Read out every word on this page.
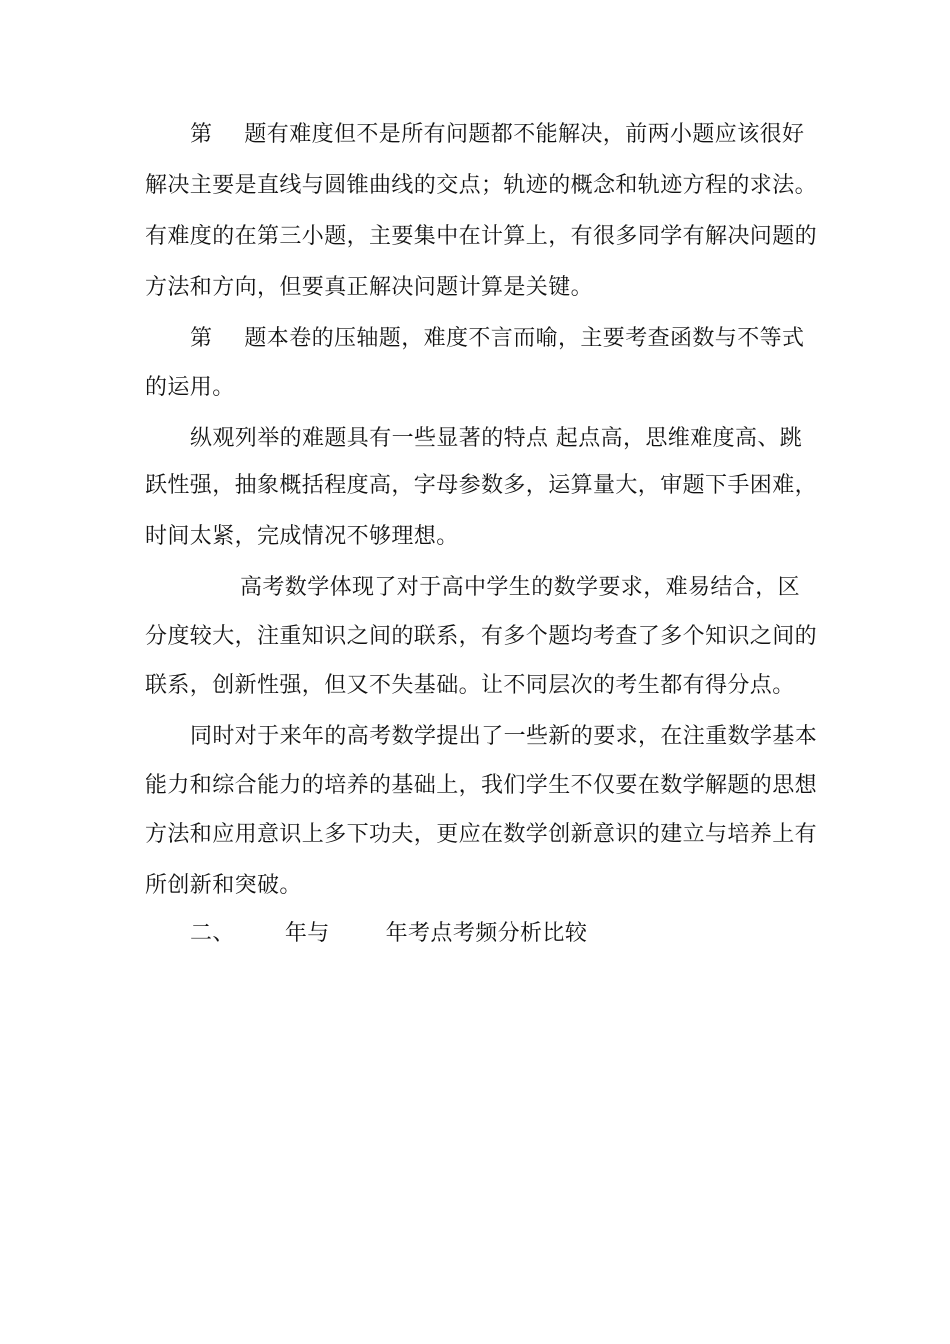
第 题有难度但不是所有问题都不能解决，前两小题应该很好
解决主要是直线与圆锥曲线的交点；轨迹的概念和轨迹方程的求法。
有难度的在第三小题，主要集中在计算上，有很多同学有解决问题的
方法和方向，但要真正解决问题计算是关键。
第 题本卷的压轴题，难度不言而喻，主要考查函数与不等式
的运用。
纵观列举的难题具有一些显著的特点 起点高，思维难度高、跳
跃性强，抽象概括程度高，字母参数多，运算量大，审题下手困难，
时间太紧，完成情况不够理想。
高考数学体现了对于高中学生的数学要求，难易结合，区
分度较大，注重知识之间的联系，有多个题均考查了多个知识之间的
联系，创新性强，但又不失基础。让不同层次的考生都有得分点。
同时对于来年的高考数学提出了一些新的要求，在注重数学基本
能力和综合能力的培养的基础上，我们学生不仅要在数学解题的思想
方法和应用意识上多下功夫，更应在数学创新意识的建立与培养上有
所创新和突破。
二、 年与	年考点考频分析比较
